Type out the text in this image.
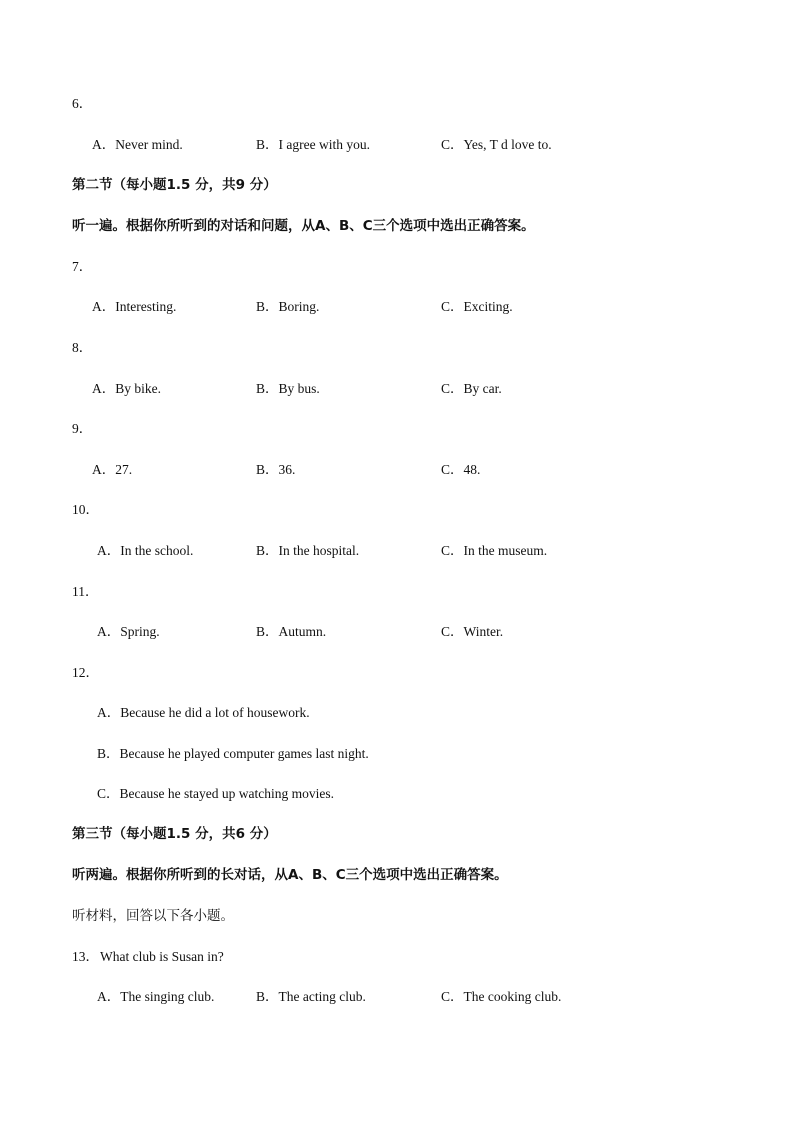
6．
A．Never mind.	B．I agree with you.	C．Yes, T d love to.
第二节（每小题1.5 分，共9 分）
听一遍。根据你所听到的对话和问题，从A、B、C三个选项中选出正确答案。
7．
A．Interesting.	B．Boring.	C．Exciting.
8．
A．By bike.	B．By bus.	C．By car.
9．
A．27.	B．36.	C．48.
10．
A．In the school.	B．In the hospital.	C．In the museum.
11．
A．Spring.	B．Autumn.	C．Winter.
12．
A．Because he did a lot of housework.
B．Because he played computer games last night.
C．Because he stayed up watching movies.
第三节（每小题1.5 分，共6 分）
听两遍。根据你所听到的长对话，从A、B、C三个选项中选出正确答案。
听材料，回答以下各小题。
13． What club is Susan in?
A．The singing club.	B．The acting club.	C．The cooking club.
